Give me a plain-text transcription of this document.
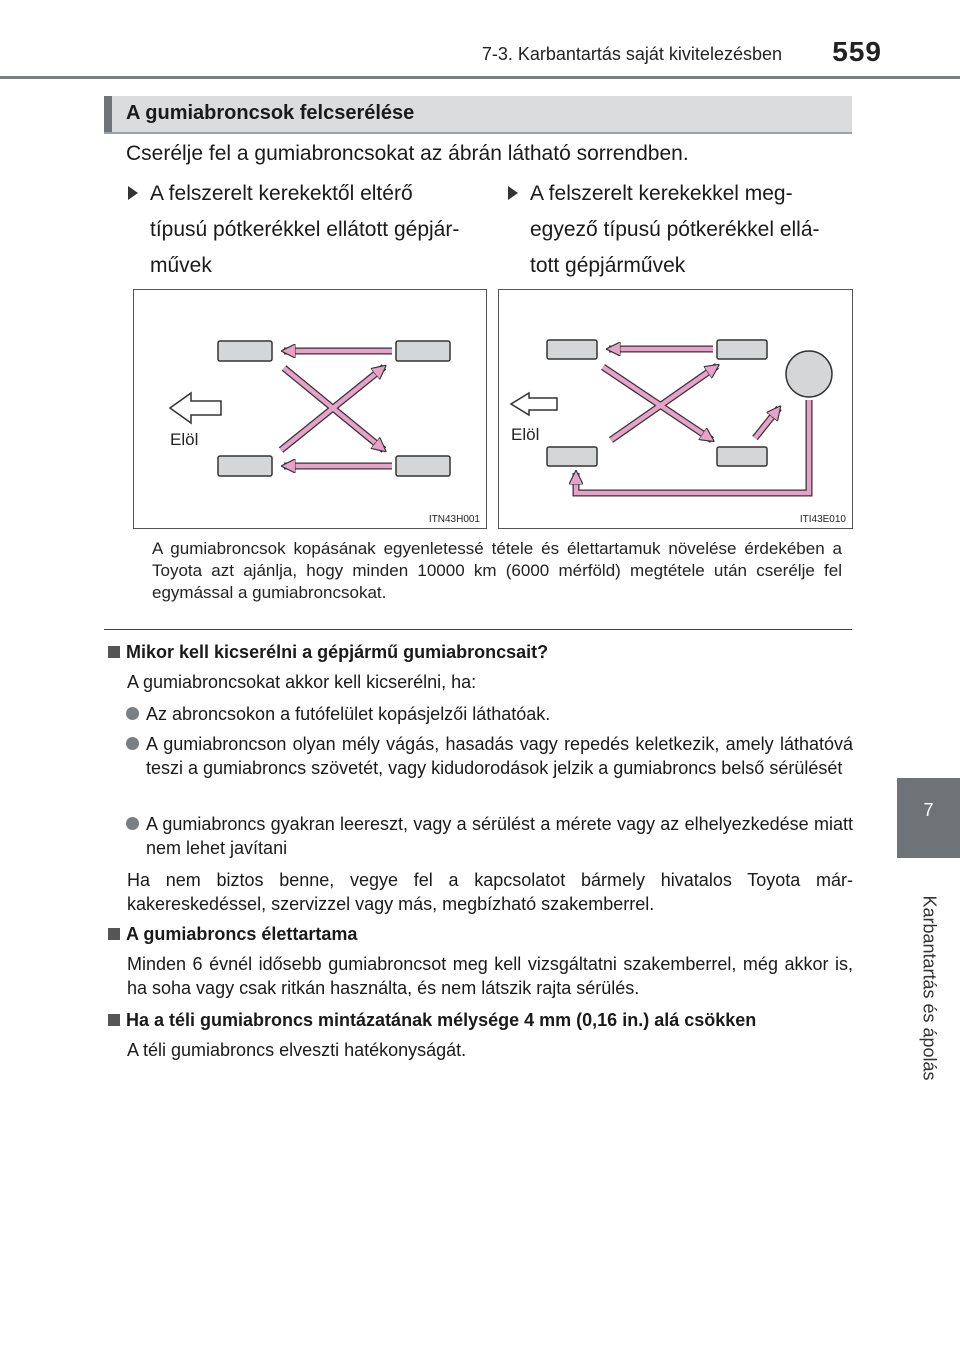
7-3. Karbantartás saját kivitelezésben 559
7
Karbantartás és ápolás
A gumiabroncsok felcserélése
Cserélje fel a gumiabroncsokat az ábrán látható sorrendben.
A felszerelt kerekektől eltérő
típusú pótkerékkel ellátott gépjár-
művek
A felszerelt kerekekkel meg-
egyező típusú pótkerékkel ellá-
tott gépjárművek
Elöl
ITN43H001
Elöl
ITI43E010
A gumiabroncsok kopásának egyenletessé tétele és élettartamuk növelése érdekében a Toyota azt ajánlja, hogy minden 10000 km (6000 mérföld) megtétele után cserélje fel egymással a gumiabroncsokat.
Mikor kell kicserélni a gépjármű gumiabroncsait?
A gumiabroncsokat akkor kell kicserélni, ha:
Az abroncsokon a futófelület kopásjelzői láthatóak.
A gumiabroncson olyan mély vágás, hasadás vagy repedés keletkezik, amely láthatóvá teszi a gumiabroncs szövetét, vagy kidudorodások jelzik a gumiabroncs belső sérülését
A gumiabroncs gyakran leereszt, vagy a sérülést a mérete vagy az elhelyezkedése miatt nem lehet javítani
Ha nem biztos benne, vegye fel a kapcsolatot bármely hivatalos Toyota márkakereskedéssel, szervizzel vagy más, megbízható szakemberrel.
A gumiabroncs élettartama
Minden 6 évnél idősebb gumiabroncsot meg kell vizsgáltatni szakemberrel, még akkor is, ha soha vagy csak ritkán használta, és nem látszik rajta sérülés.
Ha a téli gumiabroncs mintázatának mélysége 4 mm (0,16 in.) alá csökken
A téli gumiabroncs elveszti hatékonyságát.
